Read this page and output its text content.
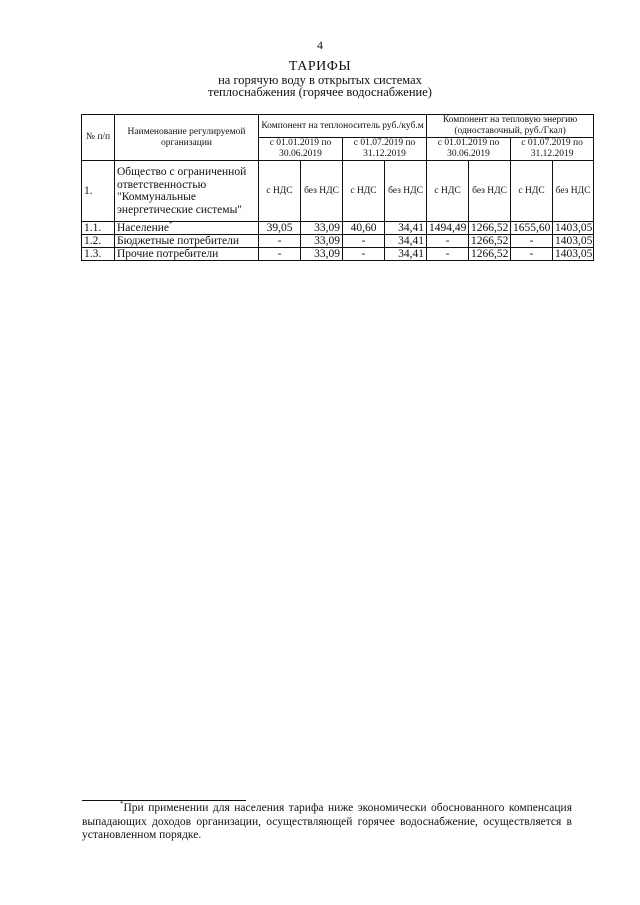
4
ТАРИФЫ
на горячую воду в открытых системах
теплоснабжения (горячее водоснабжение)
№ п/п	Наименование регулируемой организации	Компонент на теплоноситель руб./куб.м				Компонент на тепловую энергию (одноставочный, руб./Гкал)			
		с 01.01.2019 по 30.06.2019		с 01.07.2019 по 31.12.2019		с 01.01.2019 по 30.06.2019		с 01.07.2019 по 31.12.2019	

1.	Общество с ограниченной ответственностью "Коммунальные энергетические системы"	с НДС	без НДС	с НДС	без НДС	с НДС	без НДС	с НДС	без НДС
1.1.	Население*	39,05	33,09	40,60	34,41	1494,49	1266,52	1655,60	1403,05
1.2.	Бюджетные потребители	-	33,09	-	34,41	-	1266,52	-	1403,05
1.3.	Прочие потребители	-	33,09	-	34,41	-	1266,52	-	1403,05
*При применении для населения тарифа ниже экономически обоснованного компенсация выпадающих доходов организации, осуществляющей горячее водоснабжение, осуществляется в установленном порядке.
